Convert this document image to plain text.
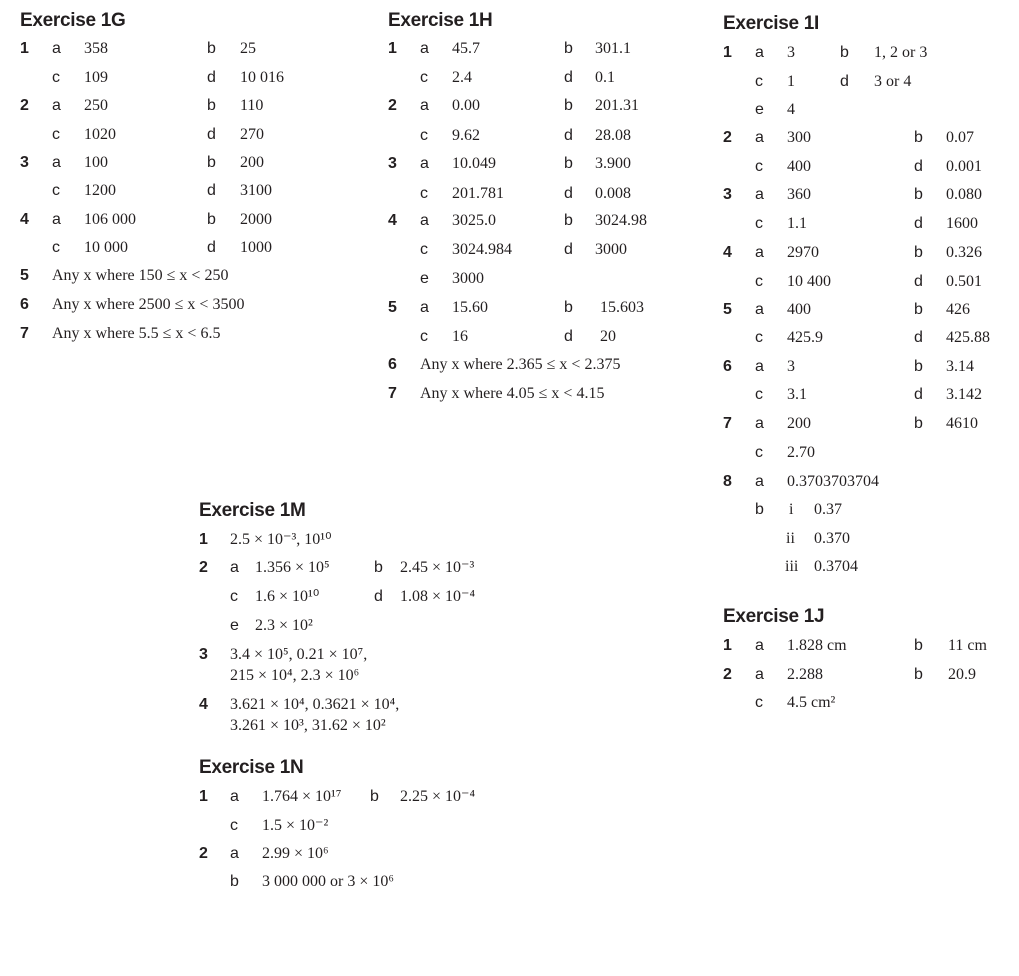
Exercise 1G
1 a 358	b 25
c 109	d 10 016
2 a 250	b 110
c 1020	d 270
3 a 100	b 200
c 1200	d 3100
4 a 106 000	b 2000
c 10 000	d 1000
5 Any x where 150 ≤ x < 250
6 Any x where 2500 ≤ x < 3500
7 Any x where 5.5 ≤ x < 6.5
Exercise 1H
1 a 45.7	b 301.1
c 2.4	d 0.1
2 a 0.00	b 201.31
c 9.62	d 28.08
3 a 10.049	b 3.900
c 201.781	d 0.008
4 a 3025.0	b 3024.98
c 3024.984	d 3000
e 3000
5 a 15.60	b 15.603
c 16	d 20
6 Any x where 2.365 ≤ x < 2.375
7 Any x where 4.05 ≤ x < 4.15
Exercise 1I
1 a 3	b 1, 2 or 3
c 1	d 3 or 4
e 4
2 a 300	b 0.07
c 400	d 0.001
3 a 360	b 0.080
c 1.1	d 1600
4 a 2970	b 0.326
c 10 400	d 0.501
5 a 400	b 426
c 425.9	d 425.88
6 a 3	b 3.14
c 3.1	d 3.142
7 a 200	b 4610
c 2.70
8 a 0.3703703704
b i 0.37
ii 0.370
iii 0.3704
Exercise 1J
1 a 1.828 cm	b 11 cm
2 a 2.288	b 20.9
c 4.5 cm²
Exercise 1M
1 2.5 × 10⁻³, 10¹⁰
2 a 1.356 × 10⁵	b 2.45 × 10⁻³
c 1.6 × 10¹⁰	d 1.08 × 10⁻⁴
e 2.3 × 10²
3 3.4 × 10⁵, 0.21 × 10⁷,
215 × 10⁴, 2.3 × 10⁶
4 3.621 × 10⁴, 0.3621 × 10⁴,
3.261 × 10³, 31.62 × 10²
Exercise 1N
1 a 1.764 × 10¹⁷ b 2.25 × 10⁻⁴
c 1.5 × 10⁻²
2 a 2.99 × 10⁶
b 3 000 000 or 3 × 10⁶
